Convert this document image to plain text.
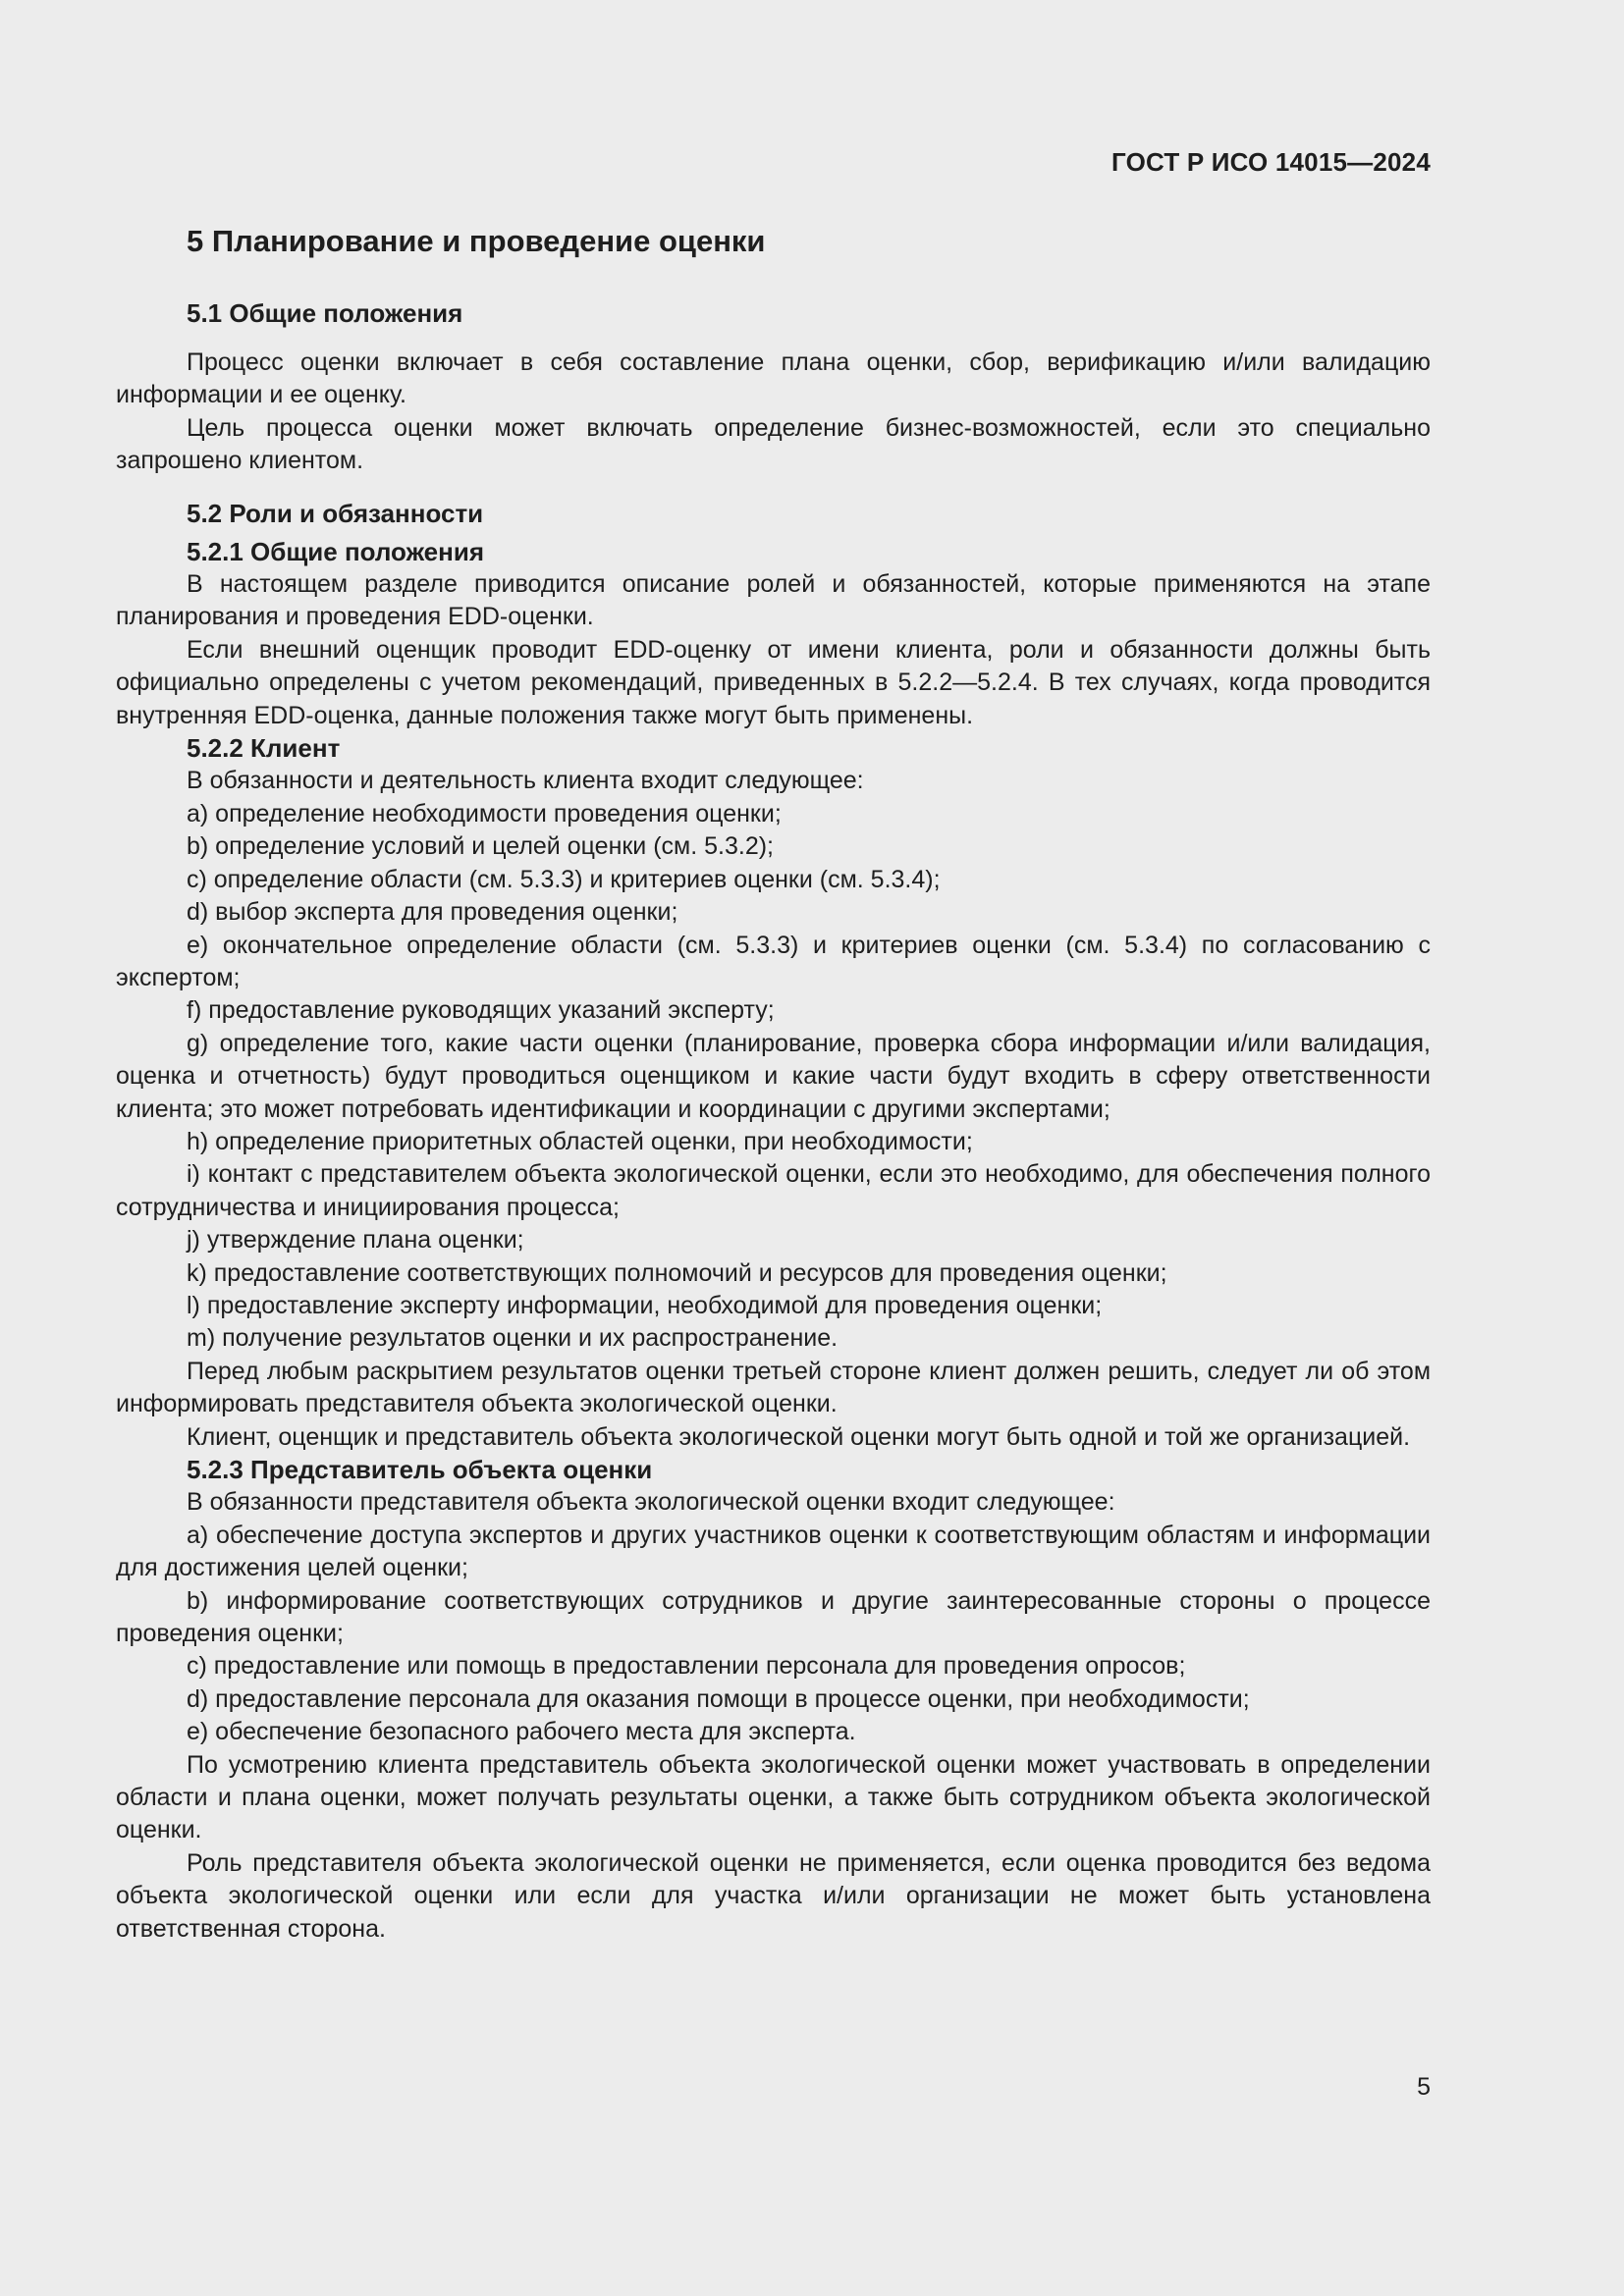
ГОСТ Р ИСО 14015—2024
5 Планирование и проведение оценки
5.1 Общие положения

Процесс оценки включает в себя составление плана оценки, сбор, верификацию и/или валидацию информации и ее оценку.

Цель процесса оценки может включать определение бизнес-возможностей, если это специально запрошено клиентом.

5.2 Роли и обязанности
5.2.1 Общие положения

В настоящем разделе приводится описание ролей и обязанностей, которые применяются на этапе планирования и проведения EDD-оценки.

Если внешний оценщик проводит EDD-оценку от имени клиента, роли и обязанности должны быть официально определены с учетом рекомендаций, приведенных в 5.2.2—5.2.4. В тех случаях, когда проводится внутренняя EDD-оценка, данные положения также могут быть применены.

5.2.2 Клиент

В обязанности и деятельность клиента входит следующее:

a) определение необходимости проведения оценки;

b) определение условий и целей оценки (см. 5.3.2);

c) определение области (см. 5.3.3) и критериев оценки (см. 5.3.4);

d) выбор эксперта для проведения оценки;

e) окончательное определение области (см. 5.3.3) и критериев оценки (см. 5.3.4) по согласованию с экспертом;

f) предоставление руководящих указаний эксперту;

g) определение того, какие части оценки (планирование, проверка сбора информации и/или валидация, оценка и отчетность) будут проводиться оценщиком и какие части будут входить в сферу ответственности клиента; это может потребовать идентификации и координации с другими экспертами;

h) определение приоритетных областей оценки, при необходимости;

i) контакт с представителем объекта экологической оценки, если это необходимо, для обеспечения полного сотрудничества и инициирования процесса;

j) утверждение плана оценки;

k) предоставление соответствующих полномочий и ресурсов для проведения оценки;

l) предоставление эксперту информации, необходимой для проведения оценки;

m) получение результатов оценки и их распространение.

Перед любым раскрытием результатов оценки третьей стороне клиент должен решить, следует ли об этом информировать представителя объекта экологической оценки.

Клиент, оценщик и представитель объекта экологической оценки могут быть одной и той же организацией.

5.2.3 Представитель объекта оценки

В обязанности представителя объекта экологической оценки входит следующее:

a) обеспечение доступа экспертов и других участников оценки к соответствующим областям и информации для достижения целей оценки;

b) информирование соответствующих сотрудников и другие заинтересованные стороны о процессе проведения оценки;

c) предоставление или помощь в предоставлении персонала для проведения опросов;

d) предоставление персонала для оказания помощи в процессе оценки, при необходимости;

e) обеспечение безопасного рабочего места для эксперта.

По усмотрению клиента представитель объекта экологической оценки может участвовать в определении области и плана оценки, может получать результаты оценки, а также быть сотрудником объекта экологической оценки.

Роль представителя объекта экологической оценки не применяется, если оценка проводится без ведома объекта экологической оценки или если для участка и/или организации не может быть установлена ответственная сторона.

5
